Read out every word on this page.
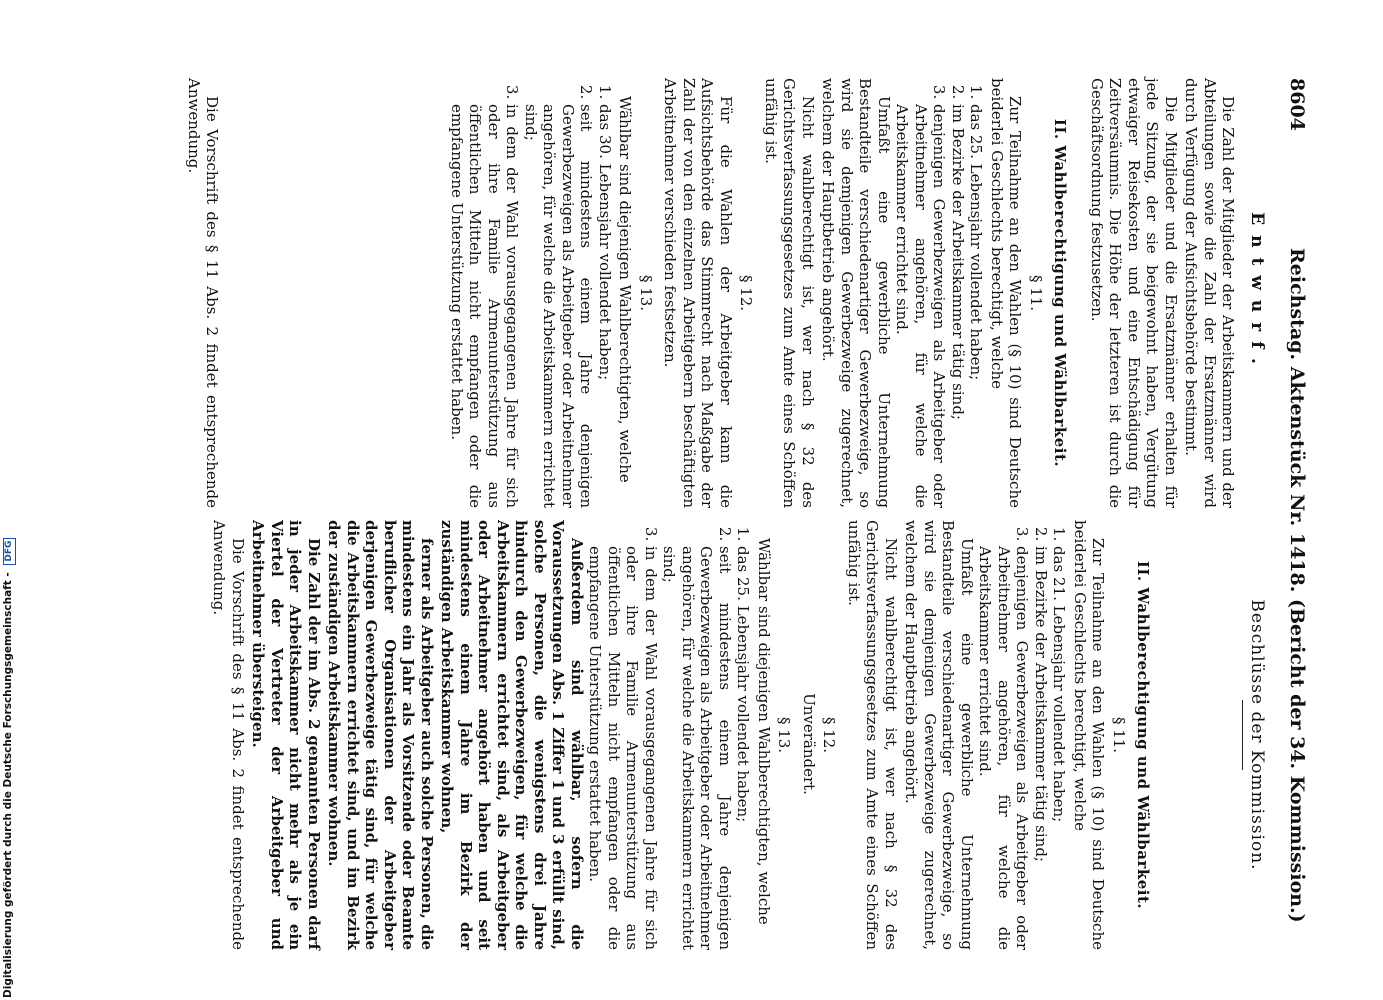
8604
Reichstag. Aktenstück Nr. 1418. (Bericht der 34. Kommission.)
Entwurf.

Die Zahl der Mitglieder der Arbeitskammern und der Abteilungen sowie die Zahl der Ersatzmänner wird durch Verfügung der Aufsichtsbehörde bestimmt.

Die Mitglieder und die Ersatzmänner erhalten für jede Sitzung, der sie beigewohnt haben, Vergütung etwaiger Reisekosten und eine Entschädigung für Zeitversäumnis. Die Höhe der letzteren ist durch die Geschäftsordnung festzusetzen.

II. Wahlberechtigung und Wählbarkeit.
§ 11.

Zur Teilnahme an den Wahlen (§ 10) sind Deutsche beiderlei Geschlechts berechtigt, welche

1. das 25. Lebensjahr vollendet haben;
2. im Bezirke der Arbeitskammer tätig sind;
3. denjenigen Gewerbezweigen als Arbeitgeber oder Arbeitnehmer angehören, für welche die Arbeitskammer errichtet sind.

Umfaßt eine gewerbliche Unternehmung Bestandteile verschiedenartiger Gewerbezweige, so wird sie demjenigen Gewerbezweige zugerechnet, welchem der Hauptbetrieb angehört.

Nicht wahlberechtigt ist, wer nach § 32 des Gerichtsverfassungsgesetzes zum Amte eines Schöffen unfähig ist.

§ 12.

Für die Wahlen der Arbeitgeber kann die Aufsichtsbehörde das Stimmrecht nach Maßgabe der Zahl der von den einzelnen Arbeitgebern beschäftigten Arbeitnehmer verschieden festsetzen.

§ 13.

Wählbar sind diejenigen Wahlberechtigten, welche

1. das 30. Lebensjahr vollendet haben;
2. seit mindestens einem Jahre denjenigen Gewerbezweigen als Arbeitgeber oder Arbeitnehmer angehören, für welche die Arbeitskammern errichtet sind;
3. in dem der Wahl vorausgegangenen Jahre für sich oder ihre Familie Armenunterstützung aus öffentlichen Mitteln nicht empfangen oder die empfangene Unterstützung erstattet haben.

Die Vorschrift des § 11 Abs. 2 findet entsprechende Anwendung.

Beschlüsse der Kommission.
II. Wahlberechtigung und Wählbarkeit.
§ 11.

Zur Teilnahme an den Wahlen (§ 10) sind Deutsche beiderlei Geschlechts berechtigt, welche

1. das 21. Lebensjahr vollendet haben;
2. im Bezirke der Arbeitskammer tätig sind;
3. denjenigen Gewerbezweigen als Arbeitgeber oder Arbeitnehmer angehören, für welche die Arbeitskammer errichtet sind.

Umfaßt eine gewerbliche Unternehmung Bestandteile verschiedenartiger Gewerbezweige, so wird sie demjenigen Gewerbezweige zugerechnet, welchem der Hauptbetrieb angehört.

Nicht wahlberechtigt ist, wer nach § 32 des Gerichtsverfassungsgesetzes zum Amte eines Schöffen unfähig ist.

§ 12.

Unverändert.

§ 13.

Wählbar sind diejenigen Wahlberechtigten, welche

1. das 25. Lebensjahr vollendet haben;
2. seit mindestens einem Jahre denjenigen Gewerbezweigen als Arbeitgeber oder Arbeitnehmer angehören, für welche die Arbeitskammern errichtet sind;
3. in dem der Wahl vorausgegangenen Jahre für sich oder ihre Familie Armenunterstützung aus öffentlichen Mitteln nicht empfangen oder die empfangene Unterstützung erstattet haben.

Außerdem sind wählbar, sofern die Voraussetzungen Abs. 1 Ziffer 1 und 3 erfüllt sind, solche Personen, die wenigstens drei Jahre hindurch den Gewerbezweigen, für welche die Arbeitskammern errichtet sind, als Arbeitgeber oder Arbeitnehmer angehört haben und seit mindestens einem Jahre im Bezirk der zuständigen Arbeitskammer wohnen,

ferner als Arbeitgeber auch solche Personen, die mindestens ein Jahr als Vorsitzende oder Beamte beruflicher Organisationen der Arbeitgeber derjenigen Gewerbezweige tätig sind, für welche die Arbeitskammern errichtet sind, und im Bezirk der zuständigen Arbeitskammer wohnen.

Die Zahl der im Abs. 2 genannten Personen darf in jeder Arbeitskammer nicht mehr als je ein Viertel der Vertreter der Arbeitgeber und Arbeitnehmer übersteigen.

Die Vorschrift des § 11 Abs. 2 findet entsprechende Anwendung.

Digitalisierung gefördert durch die Deutsche Forschungsgemeinschaft - DFG
